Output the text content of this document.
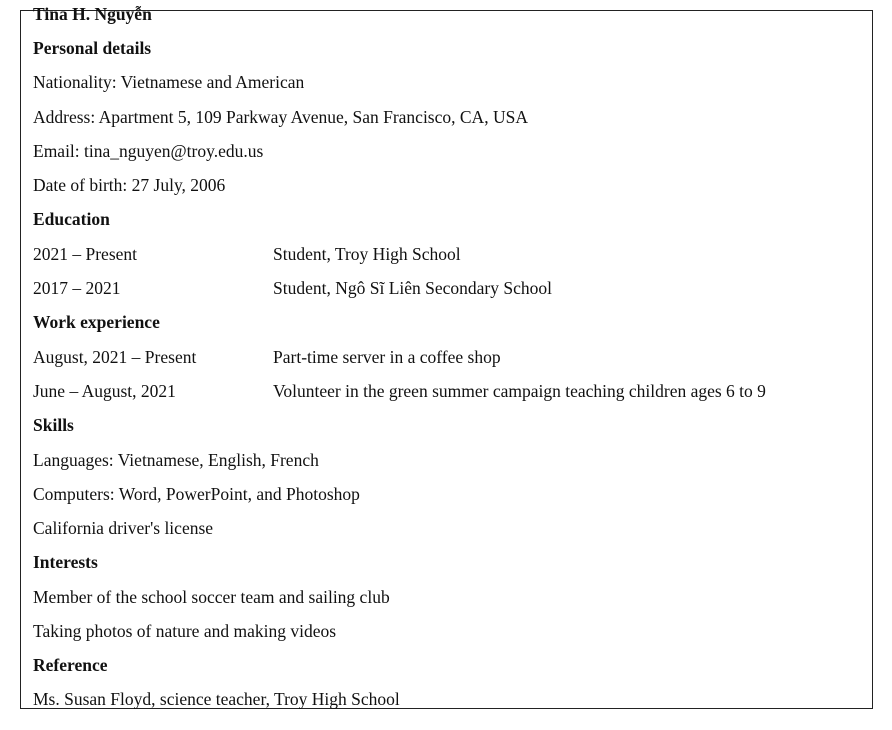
Tina H. Nguyễn
Personal details
Nationality: Vietnamese and American
Address: Apartment 5, 109 Parkway Avenue, San Francisco, CA, USA
Email: tina_nguyen@troy.edu.us
Date of birth: 27 July, 2006
Education
2021 – Present	Student, Troy High School
2017 – 2021	Student, Ngô Sĩ Liên Secondary School
Work experience
August, 2021 – Present	Part-time server in a coffee shop
June – August, 2021	Volunteer in the green summer campaign teaching children ages 6 to 9
Skills
Languages: Vietnamese, English, French
Computers: Word, PowerPoint, and Photoshop
California driver's license
Interests
Member of the school soccer team and sailing club
Taking photos of nature and making videos
Reference
Ms. Susan Floyd, science teacher, Troy High School
